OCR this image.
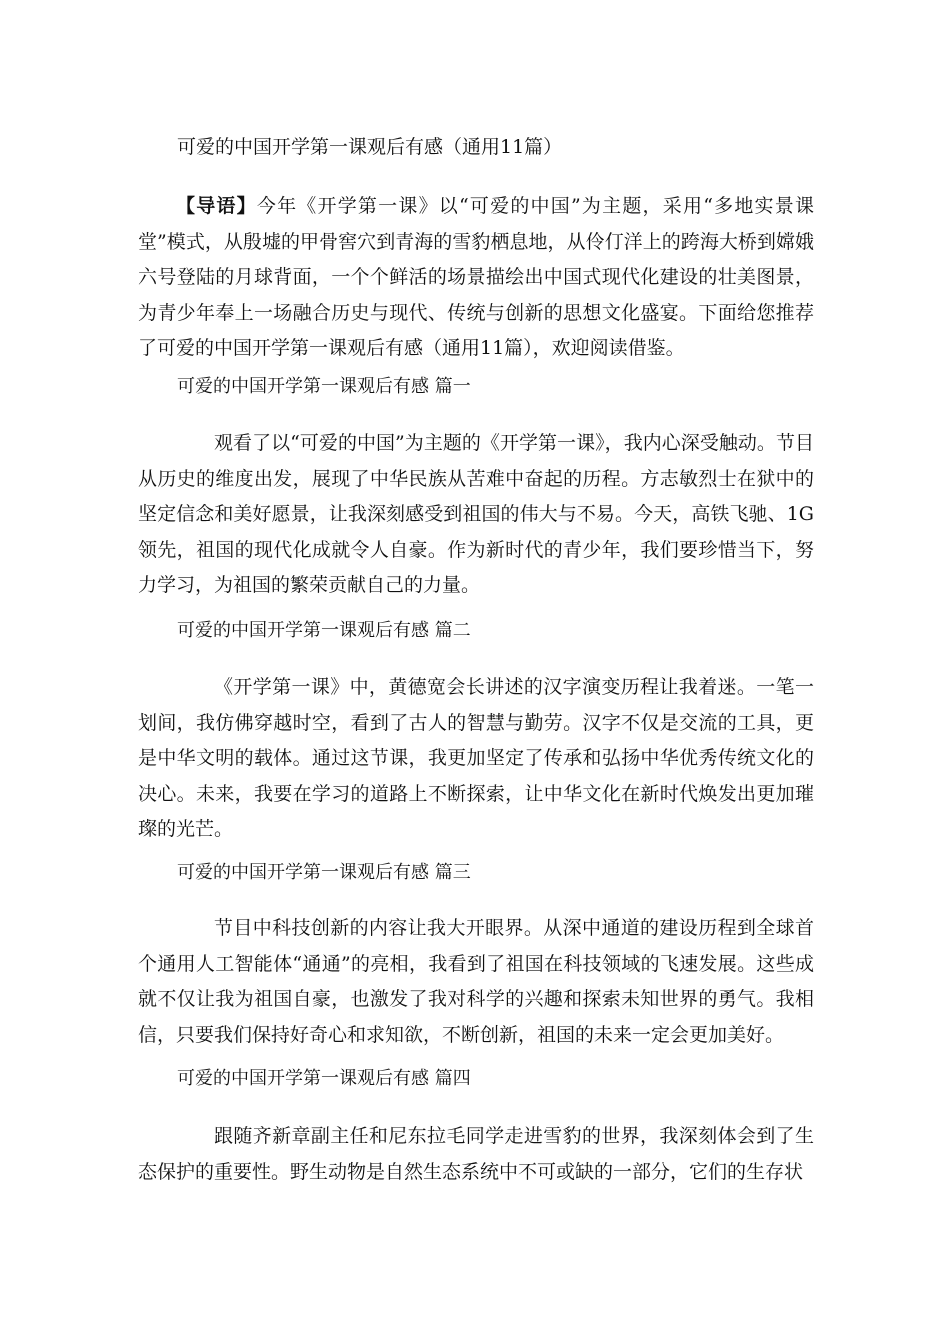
可爱的中国开学第一课观后有感（通用11篇）
【导语】今年《开学第一课》以“可爱的中国”为主题，采用“多地实景课堂”模式，从殷墟的甲骨窖穴到青海的雪豹栖息地，从伶仃洋上的跨海大桥到嫦娥六号登陆的月球背面，一个个鲜活的场景描绘出中国式现代化建设的壮美图景，为青少年奉上一场融合历史与现代、传统与创新的思想文化盛宴。下面给您推荐了可爱的中国开学第一课观后有感（通用11篇），欢迎阅读借鉴。
可爱的中国开学第一课观后有感 篇一
观看了以“可爱的中国”为主题的《开学第一课》，我内心深受触动。节目从历史的维度出发，展现了中华民族从苦难中奋起的历程。方志敏烈士在狱中的坚定信念和美好愿景，让我深刻感受到祖国的伟大与不易。今天，高铁飞驰、1G领先，祖国的现代化成就令人自豪。作为新时代的青少年，我们要珍惜当下，努力学习，为祖国的繁荣贡献自己的力量。
可爱的中国开学第一课观后有感 篇二
《开学第一课》中，黄德宽会长讲述的汉字演变历程让我着迷。一笔一划间，我仿佛穿越时空，看到了古人的智慧与勤劳。汉字不仅是交流的工具，更是中华文明的载体。通过这节课，我更加坚定了传承和弘扬中华优秀传统文化的决心。未来，我要在学习的道路上不断探索，让中华文化在新时代焕发出更加璀璨的光芒。
可爱的中国开学第一课观后有感 篇三
节目中科技创新的内容让我大开眼界。从深中通道的建设历程到全球首个通用人工智能体“通通”的亮相，我看到了祖国在科技领域的飞速发展。这些成就不仅让我为祖国自豪，也激发了我对科学的兴趣和探索未知世界的勇气。我相信，只要我们保持好奇心和求知欲，不断创新，祖国的未来一定会更加美好。
可爱的中国开学第一课观后有感 篇四
跟随齐新章副主任和尼东拉毛同学走进雪豹的世界，我深刻体会到了生态保护的重要性。野生动物是自然生态系统中不可或缺的一部分，它们的生存状
